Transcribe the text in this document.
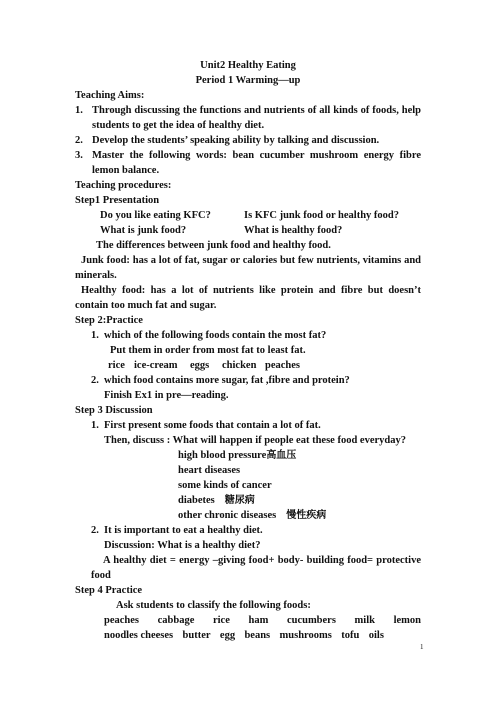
Unit2 Healthy Eating
Period 1 Warming—up
Teaching Aims:
1. Through discussing the functions and nutrients of all kinds of foods, help students to get the idea of healthy diet.
2. Develop the students’ speaking ability by talking and discussion.
3. Master the following words: bean cucumber mushroom energy fibre lemon balance.
Teaching procedures:
Step1 Presentation
Do you like eating KFC?	Is KFC junk food or healthy food?
What is junk food?	What is healthy food?
The differences between junk food and healthy food.
Junk food: has a lot of fat, sugar or calories but few nutrients, vitamins and minerals.
Healthy food: has a lot of nutrients like protein and fibre but doesn’t contain too much fat and sugar.
Step 2:Practice
1. which of the following foods contain the most fat?
Put them in order from most fat to least fat.
rice ice-cream eggs chicken peaches
2. which food contains more sugar, fat ,fibre and protein?
Finish Ex1 in pre—reading.
Step 3 Discussion
1. First present some foods that contain a lot of fat.
Then, discuss : What will happen if people eat these food everyday?
high blood pressure高血压
heart diseases
some kinds of cancer
diabetes 糖尿病
other chronic diseases 慢性疾病
2. It is important to eat a healthy diet.
Discussion: What is a healthy diet?
A healthy diet = energy –giving food+ body- building food= protective food
Step 4 Practice
Ask students to classify the following foods:
peaches cabbage rice ham cucumbers milk lemon
noodles cheeses butter egg beans mushrooms tofu oils
1
